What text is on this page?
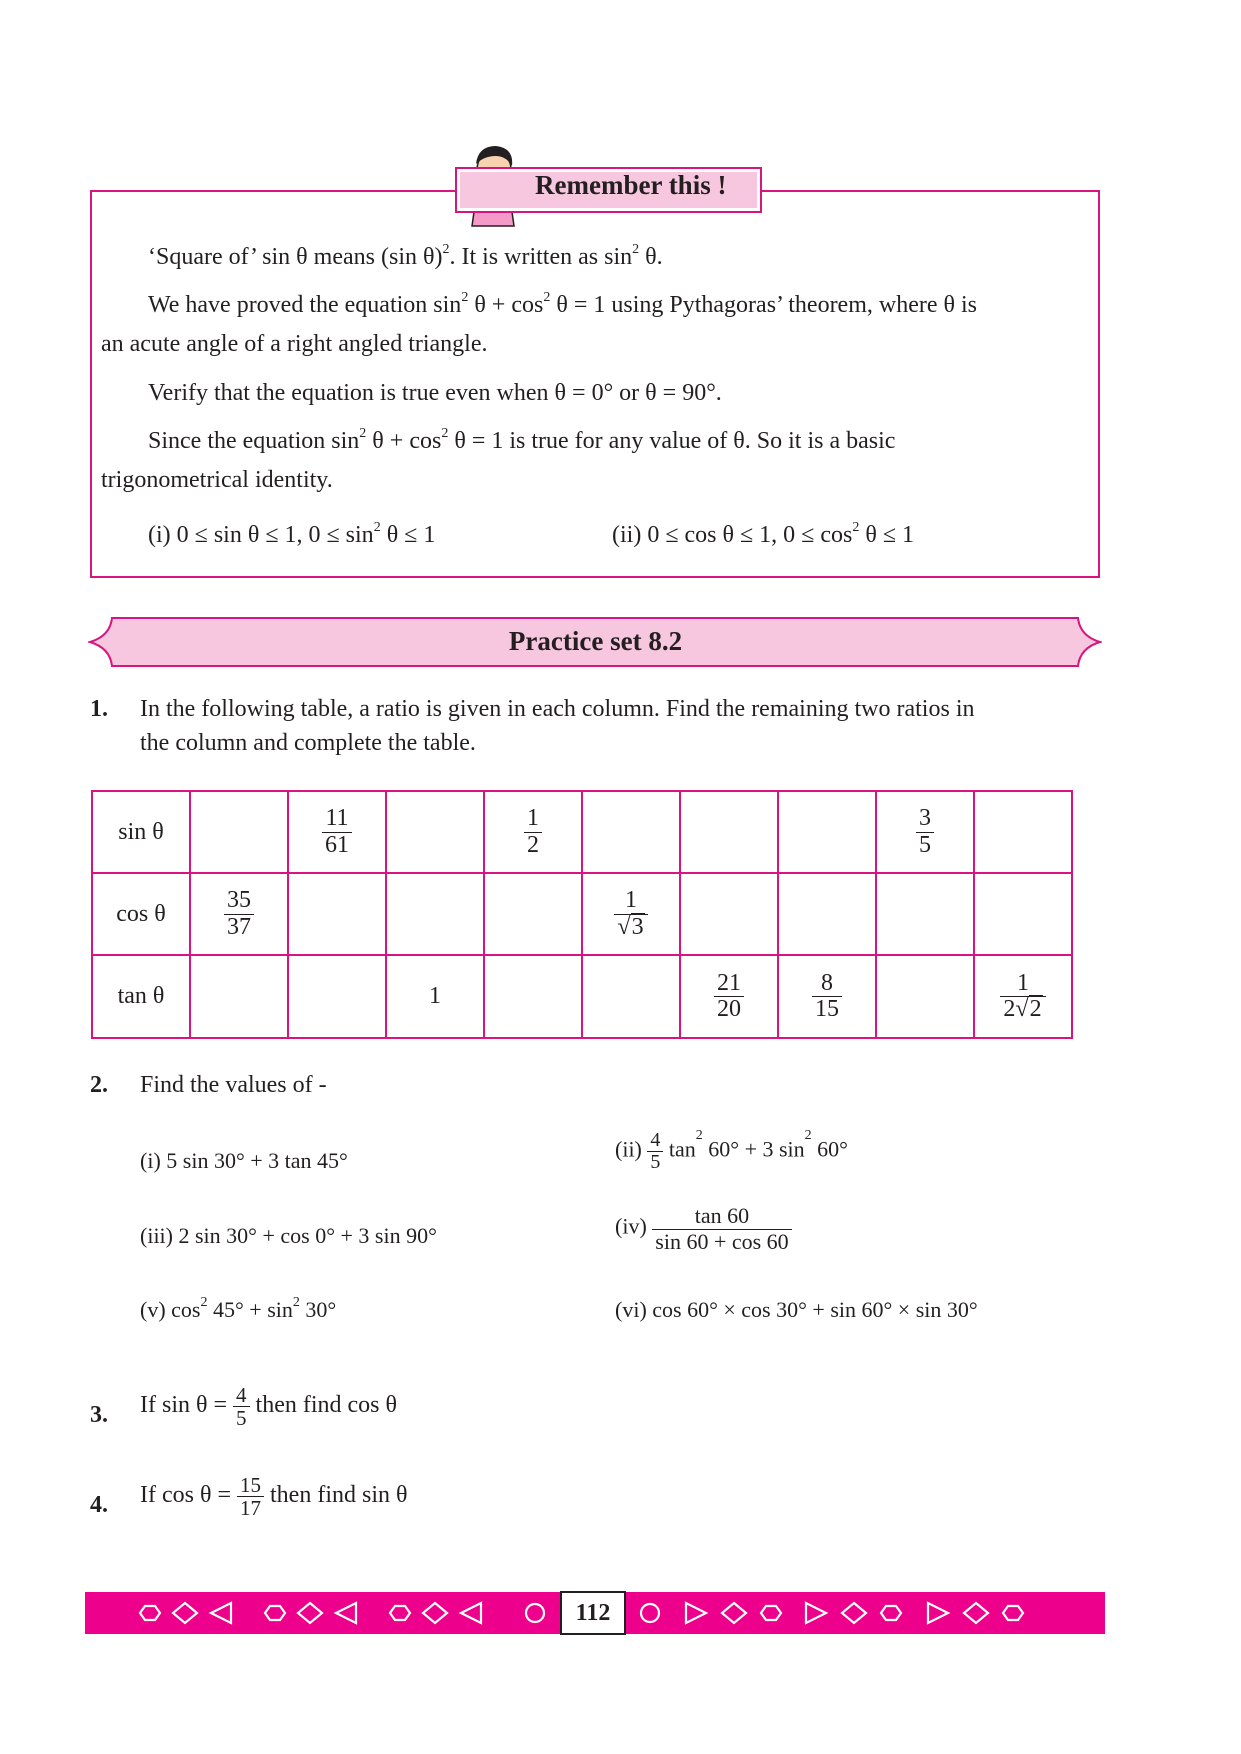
Remember this !
‘Square of’ sin θ means (sin θ)$^2$. It is written as $\sin^2 \theta$.
We have proved the equation $\sin^2 \theta + \cos^2 \theta = 1$ using Pythagoras’ theorem, where θ is
an acute angle of a right angled triangle.
Verify that the equation is true even when θ = 0° or θ = 90°.
Since the equation $\sin^2 \theta + \cos^2 \theta = 1$ is true for any value of θ. So it is a basic
trigonometrical identity.
(i) 0 ≤ sin θ ≤ 1, $0 \le \sin^2 \theta \le 1$	(ii) 0 ≤ cos θ ≤ 1, $0 \le \cos^2 \theta \le 1$
Practice set 8.2
1. In the following table, a ratio is given in each column. Find the remaining two ratios in
the column and complete the table.
sin θ		$\frac{11}{61}$		$\frac{1}{2}$				$\frac{3}{5}$

cos θ	$\frac{35}{37}$				$\frac{1}{√3}$

tan θ			1			$\frac{21}{20}$	$\frac{8}{15}$		$\frac{1}{2√2}$
2. Find the values of -
(i) 5 sin 30° + 3 tan 45°	$(ii) \frac{4}{5} \tan^2 60^\circ + 3$ $\sin^2 60^\circ$
(iii) 2 sin 30° + cos 0° + 3 sin 90°	$(iv) \frac{\tan 60}{\sin 60 + \cos 60}$
(v) $\cos^2 45^\circ + \sin^2 30^\circ$	(vi) cos 60° × cos 30° + sin 60° × sin 30°
3. If $\sin \theta = \frac{4}{5}$ then find cos θ
4. If $\cos \theta = \frac{15}{17}$ then find sin θ
112
